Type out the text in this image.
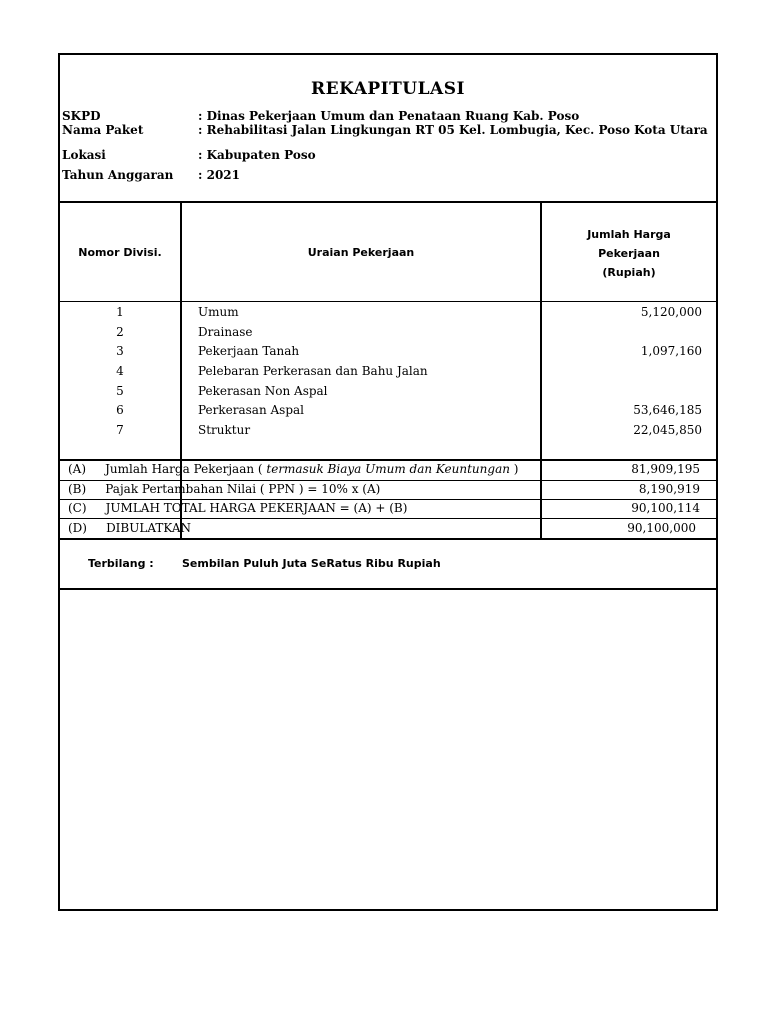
REKAPITULASI
SKPD	: Dinas Pekerjaan Umum dan Penataan Ruang Kab. Poso
Nama Paket	: Rehabilitasi Jalan Lingkungan RT 05 Kel. Lombugia, Kec. Poso Kota Utara
Lokasi	: Kabupaten Poso
Tahun Anggaran : 2021
Nomor Divisi.	Uraian Pekerjaan
Jumlah Harga
Pekerjaan
(Rupiah)
1	Umum	5,120,000
2	Drainase
3	Pekerjaan Tanah	1,097,160
4	Pelebaran Perkerasan dan Bahu Jalan
5	Pekerasan Non Aspal
6	Perkerasan Aspal	53,646,185
7	Struktur	22,045,850
(A) Jumlah Harga Pekerjaan ( termasuk Biaya Umum dan Keuntungan )	81,909,195
(B) Pajak Pertambahan Nilai ( PPN ) = 10% x (A)	8,190,919
(C) JUMLAH TOTAL HARGA PEKERJAAN = (A) + (B)	90,100,114
(D) DIBULATKAN	90,100,000
Terbilang :	Sembilan Puluh Juta SeRatus Ribu Rupiah
